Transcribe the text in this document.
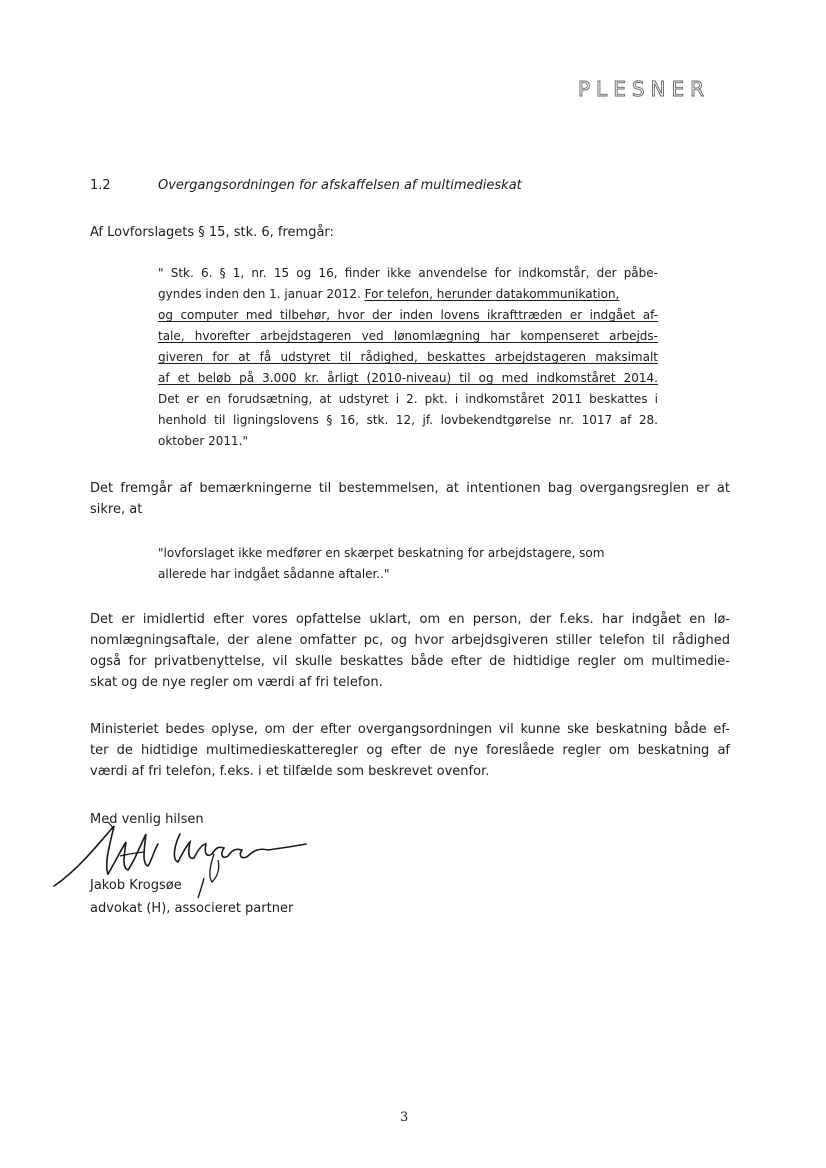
PLESNER
1.2	Overgangsordningen for afskaffelsen af multimedieskat
Af Lovforslagets § 15, stk. 6, fremgår:
" Stk. 6. § 1, nr. 15 og 16, finder ikke anvendelse for indkomstår, der påbe-
gyndes inden den 1. januar 2012. For telefon, herunder datakommunikation,
og computer med tilbehør, hvor der inden lovens ikrafttræden er indgået af-
tale, hvorefter arbejdstageren ved lønomlægning har kompenseret arbejds-
giveren for at få udstyret til rådighed, beskattes arbejdstageren maksimalt
af et beløb på 3.000 kr. årligt (2010-niveau) til og med indkomståret 2014.
Det er en forudsætning, at udstyret i 2. pkt. i indkomståret 2011 beskattes i
henhold til ligningslovens § 16, stk. 12, jf. lovbekendtgørelse nr. 1017 af 28.
oktober 2011."
Det fremgår af bemærkningerne til bestemmelsen, at intentionen bag overgangsreglen er at
sikre, at
"lovforslaget ikke medfører en skærpet beskatning for arbejdstagere, som
allerede har indgået sådanne aftaler.."
Det er imidlertid efter vores opfattelse uklart, om en person, der f.eks. har indgået en lø-
nomlægningsaftale, der alene omfatter pc, og hvor arbejdsgiveren stiller telefon til rådighed
også for privatbenyttelse, vil skulle beskattes både efter de hidtidige regler om multimedie-
skat og de nye regler om værdi af fri telefon.
Ministeriet bedes oplyse, om der efter overgangsordningen vil kunne ske beskatning både ef-
ter de hidtidige multimedieskatteregler og efter de nye foreslåede regler om beskatning af
værdi af fri telefon, f.eks. i et tilfælde som beskrevet ovenfor.
Med venlig hilsen
Jakob Krogsøe
advokat (H), associeret partner
3
